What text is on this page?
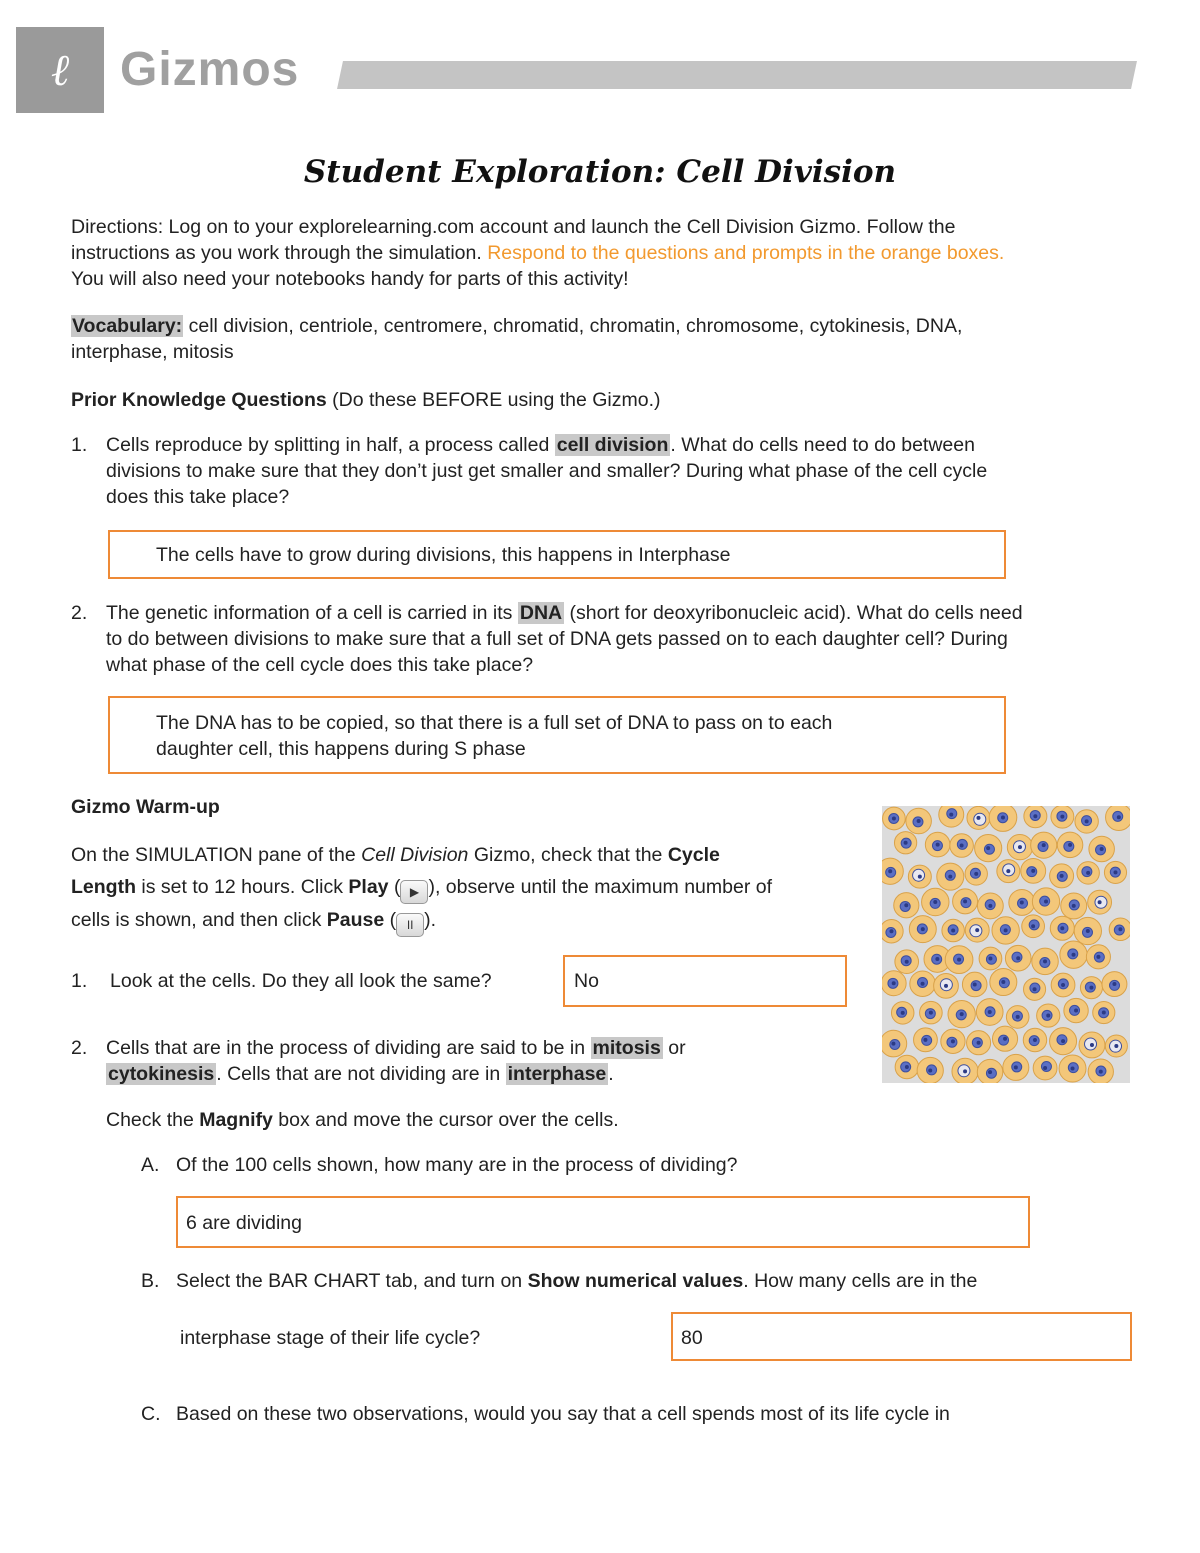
ℓ Gizmos
Student Exploration: Cell Division
Directions: Log on to your explorelearning.com account and launch the Cell Division Gizmo. Follow the
instructions as you work through the simulation. Respond to the questions and prompts in the orange boxes.
You will also need your notebooks handy for parts of this activity!
Vocabulary: cell division, centriole, centromere, chromatid, chromatin, chromosome, cytokinesis, DNA,
interphase, mitosis
Prior Knowledge Questions (Do these BEFORE using the Gizmo.)
1. Cells reproduce by splitting in half, a process called cell division . What do cells need to do between
divisions to make sure that they don’t just get smaller and smaller? During what phase of the cell cycle
does this take place?
The cells have to grow during divisions, this happens in Interphase
2. The genetic information of a cell is carried in its DNA (short for deoxyribonucleic acid). What do cells need
to do between divisions to make sure that a full set of DNA gets passed on to each daughter cell? During
what phase of the cell cycle does this take place?
The DNA has to be copied, so that there is a full set of DNA to pass on to each
daughter cell, this happens during S phase
Gizmo Warm-up
On the SIMULATION pane of the Cell Division Gizmo, check that the Cycle
Length is set to 12 hours. Click Play ( ▶ ), observe until the maximum number of
cells is shown, and then click Pause ( II ).
1. Look at the cells. Do they all look the same?	No
2. Cells that are in the process of dividing are said to be in mitosis or
cytokinesis . Cells that are not dividing are in interphase .
Check the Magnify box and move the cursor over the cells.
A. Of the 100 cells shown, how many are in the process of dividing?
6 are dividing
B. Select the BAR CHART tab, and turn on Show numerical values. How many cells are in the
interphase stage of their life cycle?	80
C. Based on these two observations, would you say that a cell spends most of its life cycle in
